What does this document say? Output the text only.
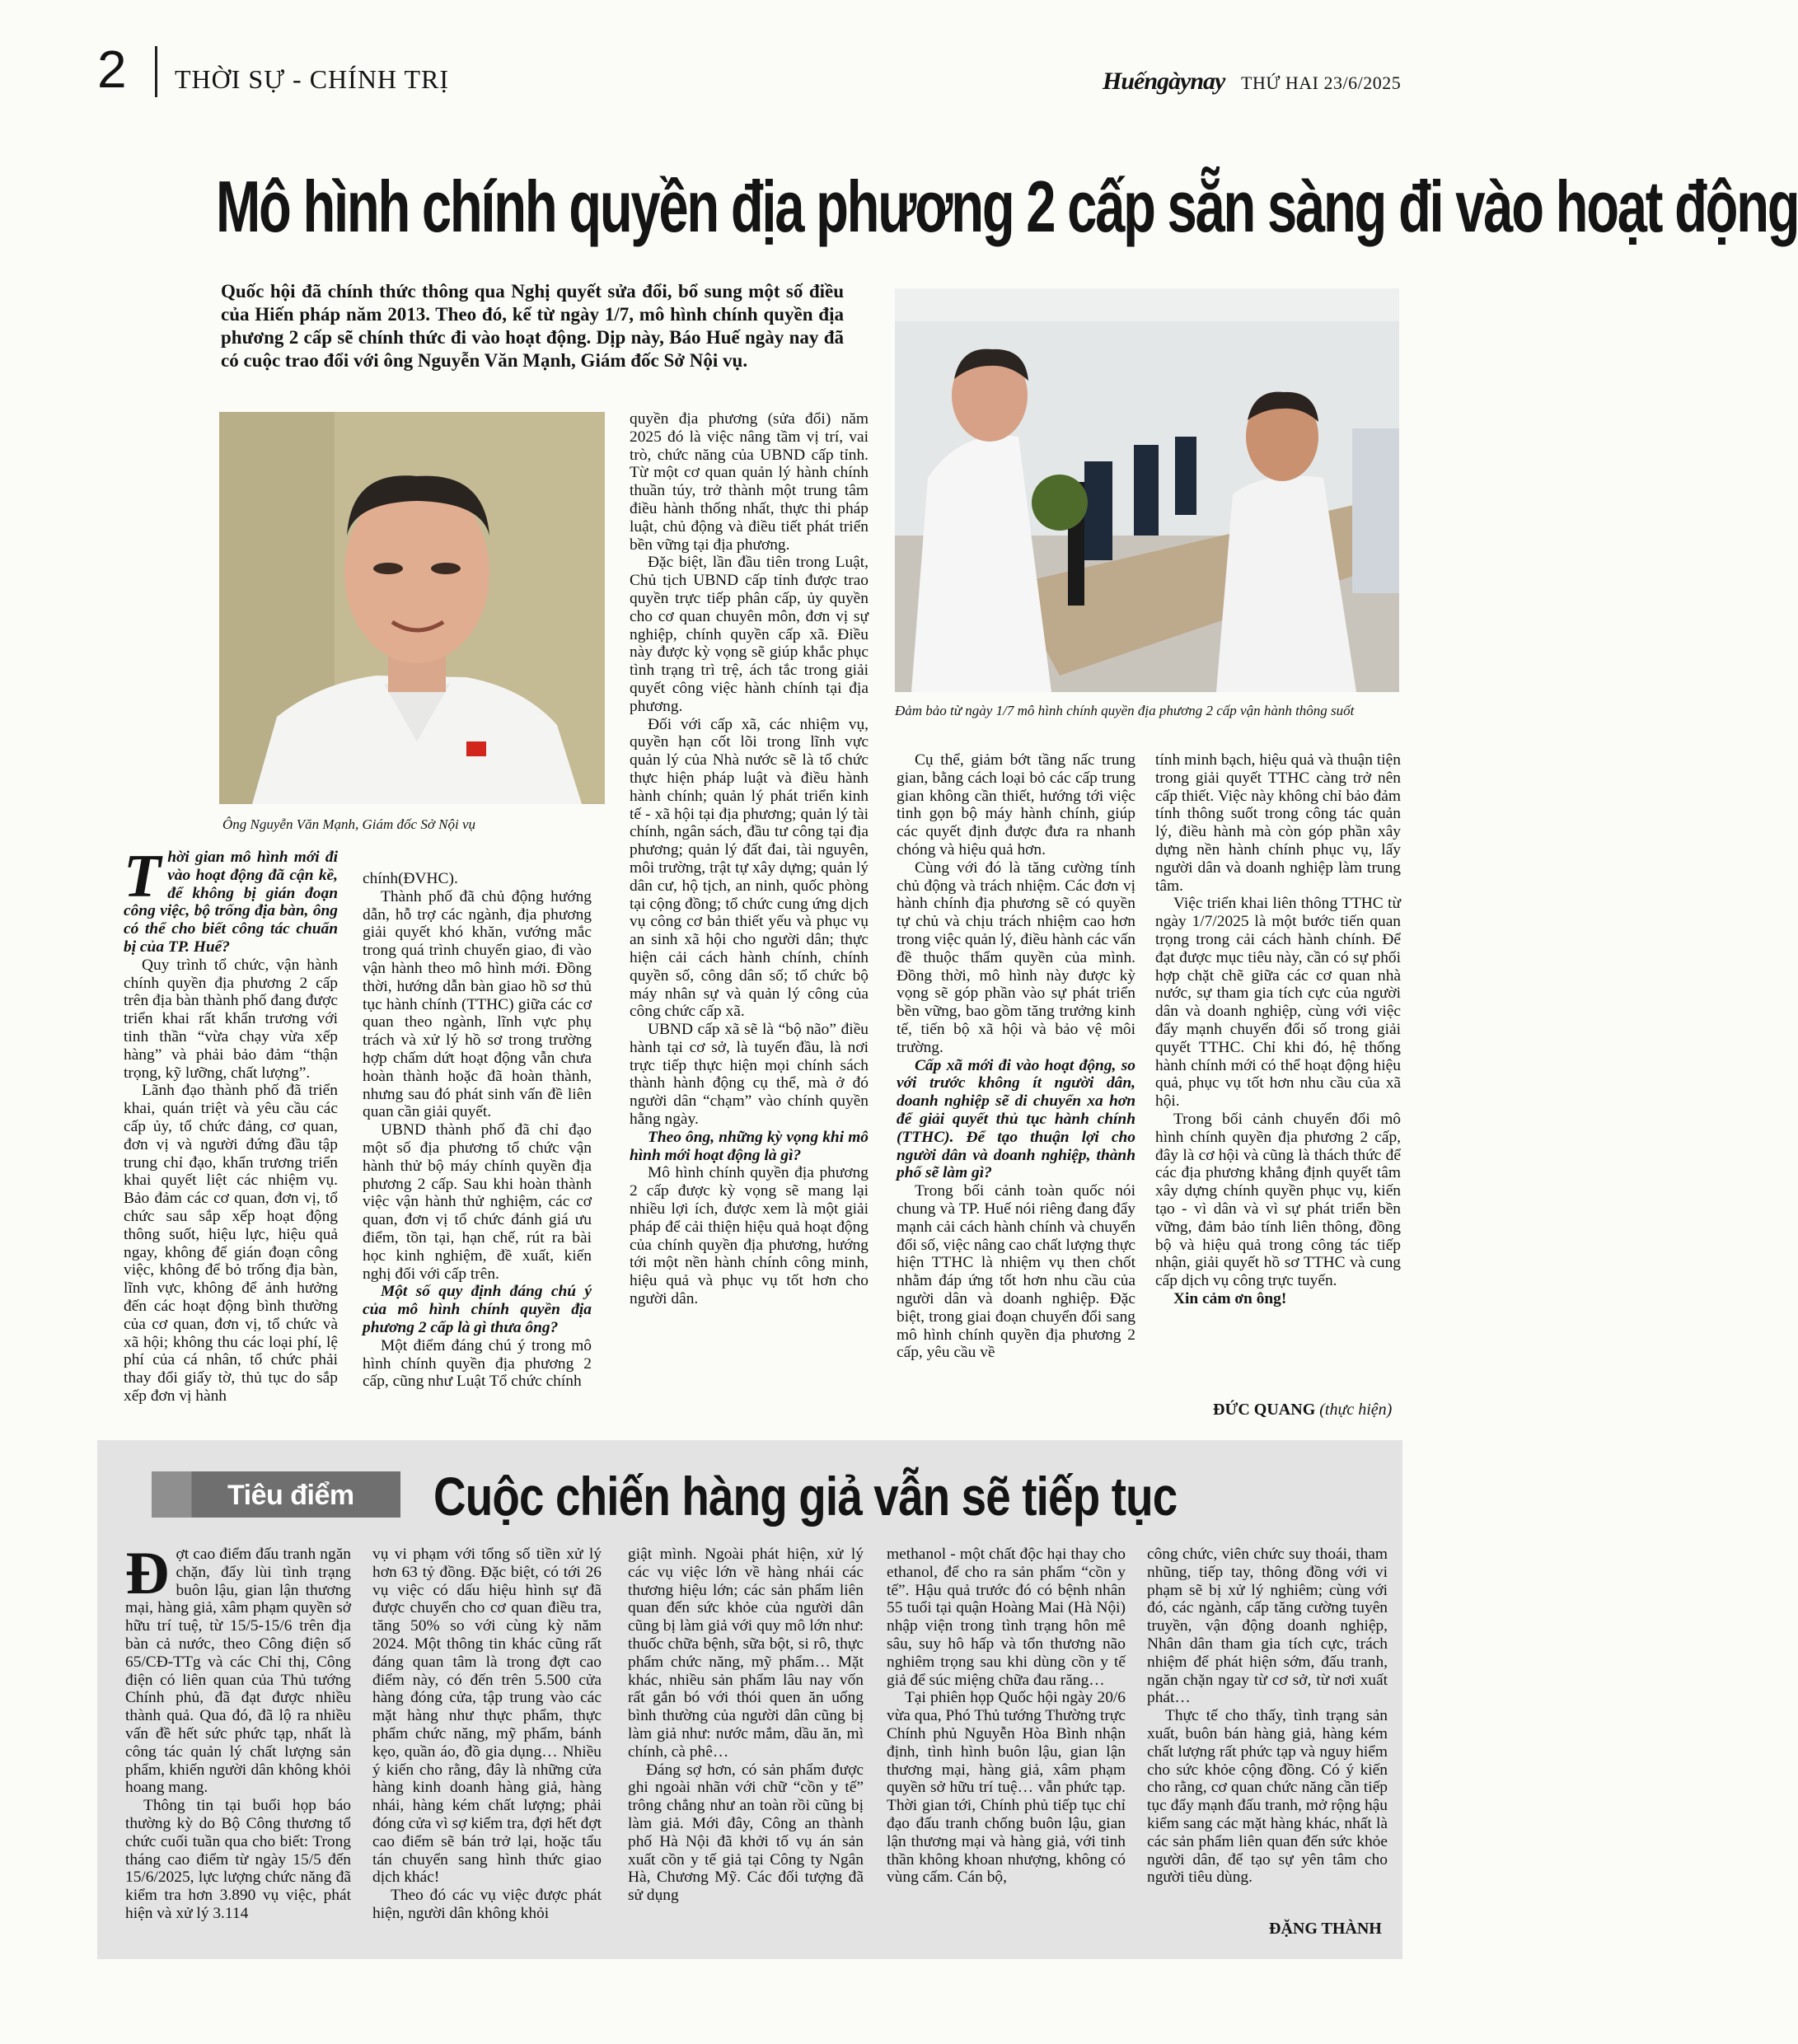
2 THỜI SỰ - CHÍNH TRỊ	Huếngàynay THỨ HAI 23/6/2025
Mô hình chính quyền địa phương 2 cấp sẵn sàng đi vào hoạt động
Quốc hội đã chính thức thông qua Nghị quyết sửa đổi, bổ sung một số điều của Hiến pháp năm 2013. Theo đó, kể từ ngày 1/7, mô hình chính quyền địa phương 2 cấp sẽ chính thức đi vào hoạt động. Dịp này, Báo Huế ngày nay đã có cuộc trao đổi với ông Nguyễn Văn Mạnh, Giám đốc Sở Nội vụ.
Ông Nguyễn Văn Mạnh, Giám đốc Sở Nội vụ
Đảm bảo từ ngày 1/7 mô hình chính quyền địa phương 2 cấp vận hành thông suốt

Thời gian mô hình mới đi vào hoạt động đã cận kề, để không bị gián đoạn công việc, bộ trống địa bàn, ông có thể cho biết công tác chuẩn bị của TP. Huế?

Quy trình tổ chức, vận hành chính quyền địa phương 2 cấp trên địa bàn thành phố đang được triển khai rất khẩn trương với tinh thần “vừa chạy vừa xếp hàng” và phải bảo đảm “thận trọng, kỹ lưỡng, chất lượng”.

Lãnh đạo thành phố đã triển khai, quán triệt và yêu cầu các cấp ủy, tổ chức đảng, cơ quan, đơn vị và người đứng đầu tập trung chỉ đạo, khẩn trương triển khai quyết liệt các nhiệm vụ. Bảo đảm các cơ quan, đơn vị, tổ chức sau sắp xếp hoạt động thông suốt, hiệu lực, hiệu quả ngay, không để gián đoạn công việc, không để bỏ trống địa bàn, lĩnh vực, không để ảnh hưởng đến các hoạt động bình thường của cơ quan, đơn vị, tổ chức và xã hội; không thu các loại phí, lệ phí của cá nhân, tổ chức phải thay đổi giấy tờ, thủ tục do sắp xếp đơn vị hành

chính(ĐVHC).

Thành phố đã chủ động hướng dẫn, hỗ trợ các ngành, địa phương giải quyết khó khăn, vướng mắc trong quá trình chuyển giao, đi vào vận hành theo mô hình mới. Đồng thời, hướng dẫn bàn giao hồ sơ thủ tục hành chính (TTHC) giữa các cơ quan theo ngành, lĩnh vực phụ trách và xử lý hồ sơ trong trường hợp chấm dứt hoạt động vẫn chưa hoàn thành hoặc đã hoàn thành, nhưng sau đó phát sinh vấn đề liên quan cần giải quyết.

UBND thành phố đã chỉ đạo một số địa phương tổ chức vận hành thử bộ máy chính quyền địa phương 2 cấp. Sau khi hoàn thành việc vận hành thử nghiệm, các cơ quan, đơn vị tổ chức đánh giá ưu điểm, tồn tại, hạn chế, rút ra bài học kinh nghiệm, đề xuất, kiến nghị đối với cấp trên.

Một số quy định đáng chú ý của mô hình chính quyền địa phương 2 cấp là gì thưa ông?

Một điểm đáng chú ý trong mô hình chính quyền địa phương 2 cấp, cũng như Luật Tổ chức chính

quyền địa phương (sửa đổi) năm 2025 đó là việc nâng tầm vị trí, vai trò, chức năng của UBND cấp tỉnh. Từ một cơ quan quản lý hành chính thuần túy, trở thành một trung tâm điều hành thống nhất, thực thi pháp luật, chủ động và điều tiết phát triển bền vững tại địa phương.

Đặc biệt, lần đầu tiên trong Luật, Chủ tịch UBND cấp tỉnh được trao quyền trực tiếp phân cấp, ủy quyền cho cơ quan chuyên môn, đơn vị sự nghiệp, chính quyền cấp xã. Điều này được kỳ vọng sẽ giúp khắc phục tình trạng trì trệ, ách tắc trong giải quyết công việc hành chính tại địa phương.

Đối với cấp xã, các nhiệm vụ, quyền hạn cốt lõi trong lĩnh vực quản lý của Nhà nước sẽ là tổ chức thực hiện pháp luật và điều hành hành chính; quản lý phát triển kinh tế - xã hội tại địa phương; quản lý tài chính, ngân sách, đầu tư công tại địa phương; quản lý đất đai, tài nguyên, môi trường, trật tự xây dựng; quản lý dân cư, hộ tịch, an ninh, quốc phòng tại cộng đồng; tổ chức cung ứng dịch vụ công cơ bản thiết yếu và phục vụ an sinh xã hội cho người dân; thực hiện cải cách hành chính, chính quyền số, công dân số; tổ chức bộ máy nhân sự và quản lý công của công chức cấp xã.

UBND cấp xã sẽ là “bộ não” điều hành tại cơ sở, là tuyến đầu, là nơi trực tiếp thực hiện mọi chính sách thành hành động cụ thể, mà ở đó người dân “chạm” vào chính quyền hằng ngày.

Theo ông, những kỳ vọng khi mô hình mới hoạt động là gì?

Mô hình chính quyền địa phương 2 cấp được kỳ vọng sẽ mang lại nhiều lợi ích, được xem là một giải pháp để cải thiện hiệu quả hoạt động của chính quyền địa phương, hướng tới một nền hành chính công minh, hiệu quả và phục vụ tốt hơn cho người dân.

Cụ thể, giảm bớt tầng nấc trung gian, bằng cách loại bỏ các cấp trung gian không cần thiết, hướng tới việc tinh gọn bộ máy hành chính, giúp các quyết định được đưa ra nhanh chóng và hiệu quả hơn.

Cùng với đó là tăng cường tính chủ động và trách nhiệm. Các đơn vị hành chính địa phương sẽ có quyền tự chủ và chịu trách nhiệm cao hơn trong việc quản lý, điều hành các vấn đề thuộc thẩm quyền của mình. Đồng thời, mô hình này được kỳ vọng sẽ góp phần vào sự phát triển bền vững, bao gồm tăng trưởng kinh tế, tiến bộ xã hội và bảo vệ môi trường.

Cấp xã mới đi vào hoạt động, so với trước không ít người dân, doanh nghiệp sẽ di chuyển xa hơn để giải quyết thủ tục hành chính (TTHC). Để tạo thuận lợi cho người dân và doanh nghiệp, thành phố sẽ làm gì?

Trong bối cảnh toàn quốc nói chung và TP. Huế nói riêng đang đẩy mạnh cải cách hành chính và chuyển đổi số, việc nâng cao chất lượng thực hiện TTHC là nhiệm vụ then chốt nhằm đáp ứng tốt hơn nhu cầu của người dân và doanh nghiệp. Đặc biệt, trong giai đoạn chuyển đổi sang mô hình chính quyền địa phương 2 cấp, yêu cầu về

tính minh bạch, hiệu quả và thuận tiện trong giải quyết TTHC càng trở nên cấp thiết. Việc này không chỉ bảo đảm tính thông suốt trong công tác quản lý, điều hành mà còn góp phần xây dựng nền hành chính phục vụ, lấy người dân và doanh nghiệp làm trung tâm.

Việc triển khai liên thông TTHC từ ngày 1/7/2025 là một bước tiến quan trọng trong cải cách hành chính. Để đạt được mục tiêu này, cần có sự phối hợp chặt chẽ giữa các cơ quan nhà nước, sự tham gia tích cực của người dân và doanh nghiệp, cùng với việc đẩy mạnh chuyển đổi số trong giải quyết TTHC. Chỉ khi đó, hệ thống hành chính mới có thể hoạt động hiệu quả, phục vụ tốt hơn nhu cầu của xã hội.

Trong bối cảnh chuyển đổi mô hình chính quyền địa phương 2 cấp, đây là cơ hội và cũng là thách thức để các địa phương khẳng định quyết tâm xây dựng chính quyền phục vụ, kiến tạo - vì dân và vì sự phát triển bền vững, đảm bảo tính liên thông, đồng bộ và hiệu quả trong công tác tiếp nhận, giải quyết hồ sơ TTHC và cung cấp dịch vụ công trực tuyến.

Xin cảm ơn ông!

ĐỨC QUANG (thực hiện)
Tiêu điểm Cuộc chiến hàng giả vẫn sẽ tiếp tục

Đợt cao điểm đấu tranh ngăn chặn, đẩy lùi tình trạng buôn lậu, gian lận thương mại, hàng giả, xâm phạm quyền sở hữu trí tuệ, từ 15/5-15/6 trên địa bàn cả nước, theo Công điện số 65/CĐ-TTg và các Chỉ thị, Công điện có liên quan của Thủ tướng Chính phủ, đã đạt được nhiều thành quả. Qua đó, đã lộ ra nhiều vấn đề hết sức phức tạp, nhất là công tác quản lý chất lượng sản phẩm, khiến người dân không khỏi hoang mang.

Thông tin tại buổi họp báo thường kỳ do Bộ Công thương tổ chức cuối tuần qua cho biết: Trong tháng cao điểm từ ngày 15/5 đến 15/6/2025, lực lượng chức năng đã kiểm tra hơn 3.890 vụ việc, phát hiện và xử lý 3.114

vụ vi phạm với tổng số tiền xử lý hơn 63 tỷ đồng. Đặc biệt, có tới 26 vụ việc có dấu hiệu hình sự đã được chuyển cho cơ quan điều tra, tăng 50% so với cùng kỳ năm 2024. Một thông tin khác cũng rất đáng quan tâm là trong đợt cao điểm này, có đến trên 5.500 cửa hàng đóng cửa, tập trung vào các mặt hàng như thực phẩm, thực phẩm chức năng, mỹ phẩm, bánh kẹo, quần áo, đồ gia dụng… Nhiều ý kiến cho rằng, đây là những cửa hàng kinh doanh hàng giả, hàng nhái, hàng kém chất lượng; phải đóng cửa vì sợ kiểm tra, đợi hết đợt cao điểm sẽ bán trở lại, hoặc tẩu tán chuyển sang hình thức giao dịch khác!

Theo đó các vụ việc được phát hiện, người dân không khỏi

giật mình. Ngoài phát hiện, xử lý các vụ việc lớn về hàng nhái các thương hiệu lớn; các sản phẩm liên quan đến sức khỏe của người dân cũng bị làm giả với quy mô lớn như: thuốc chữa bệnh, sữa bột, si rô, thực phẩm chức năng, mỹ phẩm… Mặt khác, nhiều sản phẩm lâu nay vốn rất gắn bó với thói quen ăn uống bình thường của người dân cũng bị làm giả như: nước mắm, dầu ăn, mì chính, cà phê…

Đáng sợ hơn, có sản phẩm được ghi ngoài nhãn với chữ “cồn y tế” trông chẳng như an toàn rồi cũng bị làm giả. Mới đây, Công an thành phố Hà Nội đã khởi tố vụ án sản xuất cồn y tế giả tại Công ty Ngân Hà, Chương Mỹ. Các đối tượng đã sử dụng

methanol - một chất độc hại thay cho ethanol, để cho ra sản phẩm “cồn y tế”. Hậu quả trước đó có bệnh nhân 55 tuổi tại quận Hoàng Mai (Hà Nội) nhập viện trong tình trạng hôn mê sâu, suy hô hấp và tổn thương não nghiêm trọng sau khi dùng cồn y tế giả để súc miệng chữa đau răng…

Tại phiên họp Quốc hội ngày 20/6 vừa qua, Phó Thủ tướng Thường trực Chính phủ Nguyễn Hòa Bình nhận định, tình hình buôn lậu, gian lận thương mại, hàng giả, xâm phạm quyền sở hữu trí tuệ… vẫn phức tạp. Thời gian tới, Chính phủ tiếp tục chỉ đạo đấu tranh chống buôn lậu, gian lận thương mại và hàng giả, với tinh thần không khoan nhượng, không có vùng cấm. Cán bộ,

công chức, viên chức suy thoái, tham nhũng, tiếp tay, thông đồng với vi phạm sẽ bị xử lý nghiêm; cùng với đó, các ngành, cấp tăng cường tuyên truyền, vận động doanh nghiệp, Nhân dân tham gia tích cực, trách nhiệm để phát hiện sớm, đấu tranh, ngăn chặn ngay từ cơ sở, từ nơi xuất phát…

Thực tế cho thấy, tình trạng sản xuất, buôn bán hàng giả, hàng kém chất lượng rất phức tạp và nguy hiểm cho sức khỏe cộng đồng. Có ý kiến cho rằng, cơ quan chức năng cần tiếp tục đẩy mạnh đấu tranh, mở rộng hậu kiểm sang các mặt hàng khác, nhất là các sản phẩm liên quan đến sức khỏe người dân, để tạo sự yên tâm cho người tiêu dùng.

ĐẶNG THÀNH
